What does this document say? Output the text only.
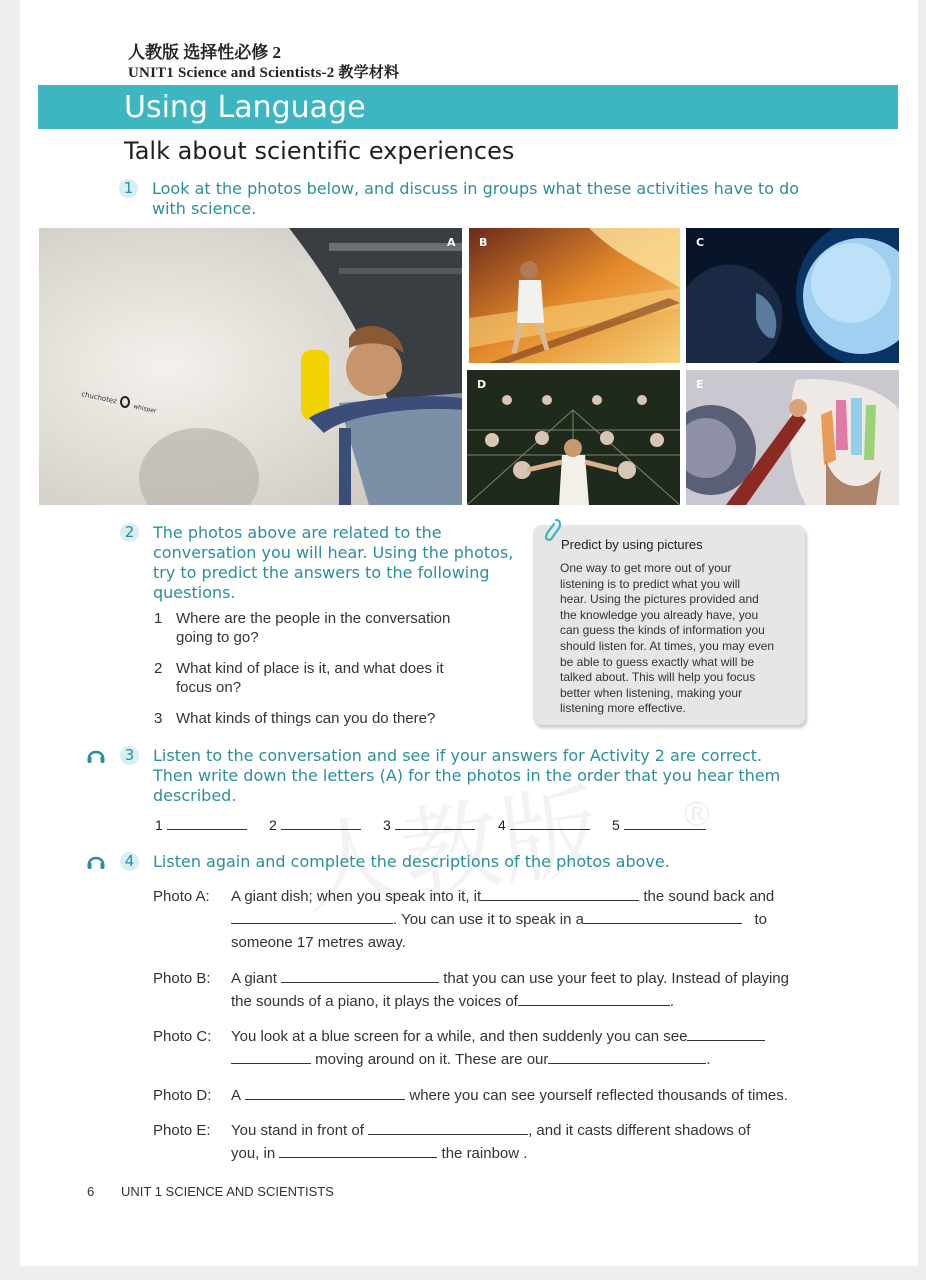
人教版 选择性必修 2
UNIT1 Science and Scientists-2 教学材料
Using Language
Talk about scientific experiences
1 Look at the photos below, and discuss in groups what these activities have to do
with science.
chuchotez
whisper
A B	C
D	E
2 The photos above are related to the
conversation you will hear. Using the photos,
try to predict the answers to the following
questions.
1 Where are the people in the conversation
going to go?
2 What kind of place is it, and what does it
focus on?
3 What kinds of things can you do there?
Predict by using pictures
One way to get more out of your
listening is to predict what you will
hear. Using the pictures provided and
the knowledge you already have, you
can guess the kinds of information you
should listen for. At times, you may even
be able to guess exactly what will be
talked about. This will help you focus
better when listening, making your
listening more effective.
3 Listen to the conversation and see if your answers for Activity 2 are correct.
Then write down the letters (A) for the photos in the order that you hear them
described.
1	2	3	4	5	®
4 Listen again and complete the descriptions of the photos above.
Photo A: A giant dish; when you speak into it, it	the sound back and
. You can use it to speak in a	to
someone 17 metres away.
Photo B: A giant	that you can use your feet to play. Instead of playing
the sounds of a piano, it plays the voices of	.
Photo C: You look at a blue screen for a while, and then suddenly you can see
moving around on it. These are our	.
Photo D: A	where you can see yourself reflected thousands of times.
Photo E: You stand in front of	, and it casts different shadows of
you, in	the rainbow .
6 UNIT 1 SCIENCE AND SCIENTISTS
